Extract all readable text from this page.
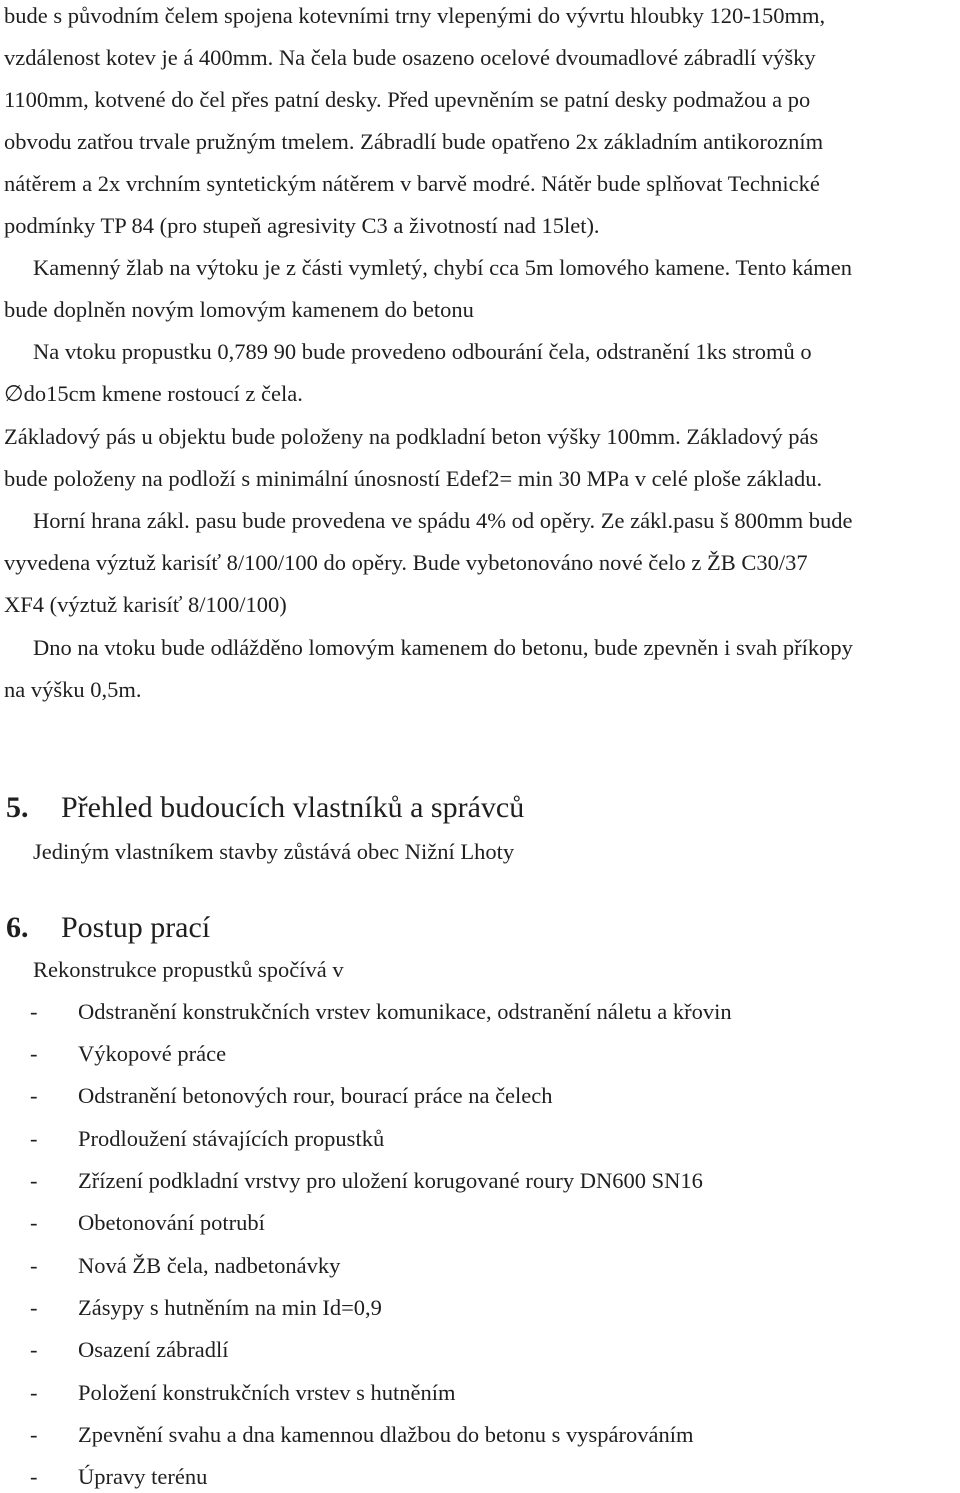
bude s původním čelem spojena kotevními trny vlepenými do vývrtu hloubky 120-150mm,
vzdálenost kotev je á 400mm. Na čela bude osazeno ocelové dvoumadlové zábradlí výšky
1100mm, kotvené do čel přes patní desky. Před upevněním se patní desky podmažou a po
obvodu zatřou trvale pružným tmelem. Zábradlí bude opatřeno 2x základním antikorozním
nátěrem a 2x vrchním syntetickým nátěrem v barvě modré. Nátěr bude splňovat Technické
podmínky TP 84 (pro stupeň agresivity C3 a životností nad 15let).
Kamenný žlab na výtoku je z části vymletý, chybí cca 5m lomového kamene. Tento kámen
bude doplněn novým lomovým kamenem do betonu
Na vtoku propustku 0,789 90 bude provedeno odbourání čela, odstranění 1ks stromů o
∅do15cm kmene rostoucí z čela.
Základový pás u objektu bude položeny na podkladní beton výšky 100mm. Základový pás
bude položeny na podloží s minimální únosností Edef2= min 30 MPa v celé ploše základu.
Horní hrana zákl. pasu bude provedena ve spádu 4% od opěry. Ze zákl.pasu š 800mm bude
vyvedena výztuž karisíť 8/100/100 do opěry. Bude vybetonováno nové čelo z ŽB C30/37
XF4 (výztuž karisíť 8/100/100)
Dno na vtoku bude odlážděno lomovým kamenem do betonu, bude zpevněn i svah příkopy
na výšku 0,5m.
5. Přehled budoucích vlastníků a správců
Jediným vlastníkem stavby zůstává obec Nižní Lhoty
6. Postup prací
Rekonstrukce propustků spočívá v
- Odstranění konstrukčních vrstev komunikace, odstranění náletu a křovin
- Výkopové práce
- Odstranění betonových rour, bourací práce na čelech
- Prodloužení stávajících propustků
- Zřízení podkladní vrstvy pro uložení korugované roury DN600 SN16
- Obetonování potrubí
- Nová ŽB čela, nadbetonávky
- Zásypy s hutněním na min Id=0,9
- Osazení zábradlí
- Položení konstrukčních vrstev s hutněním
- Zpevnění svahu a dna kamennou dlažbou do betonu s vyspárováním
- Úpravy terénu
